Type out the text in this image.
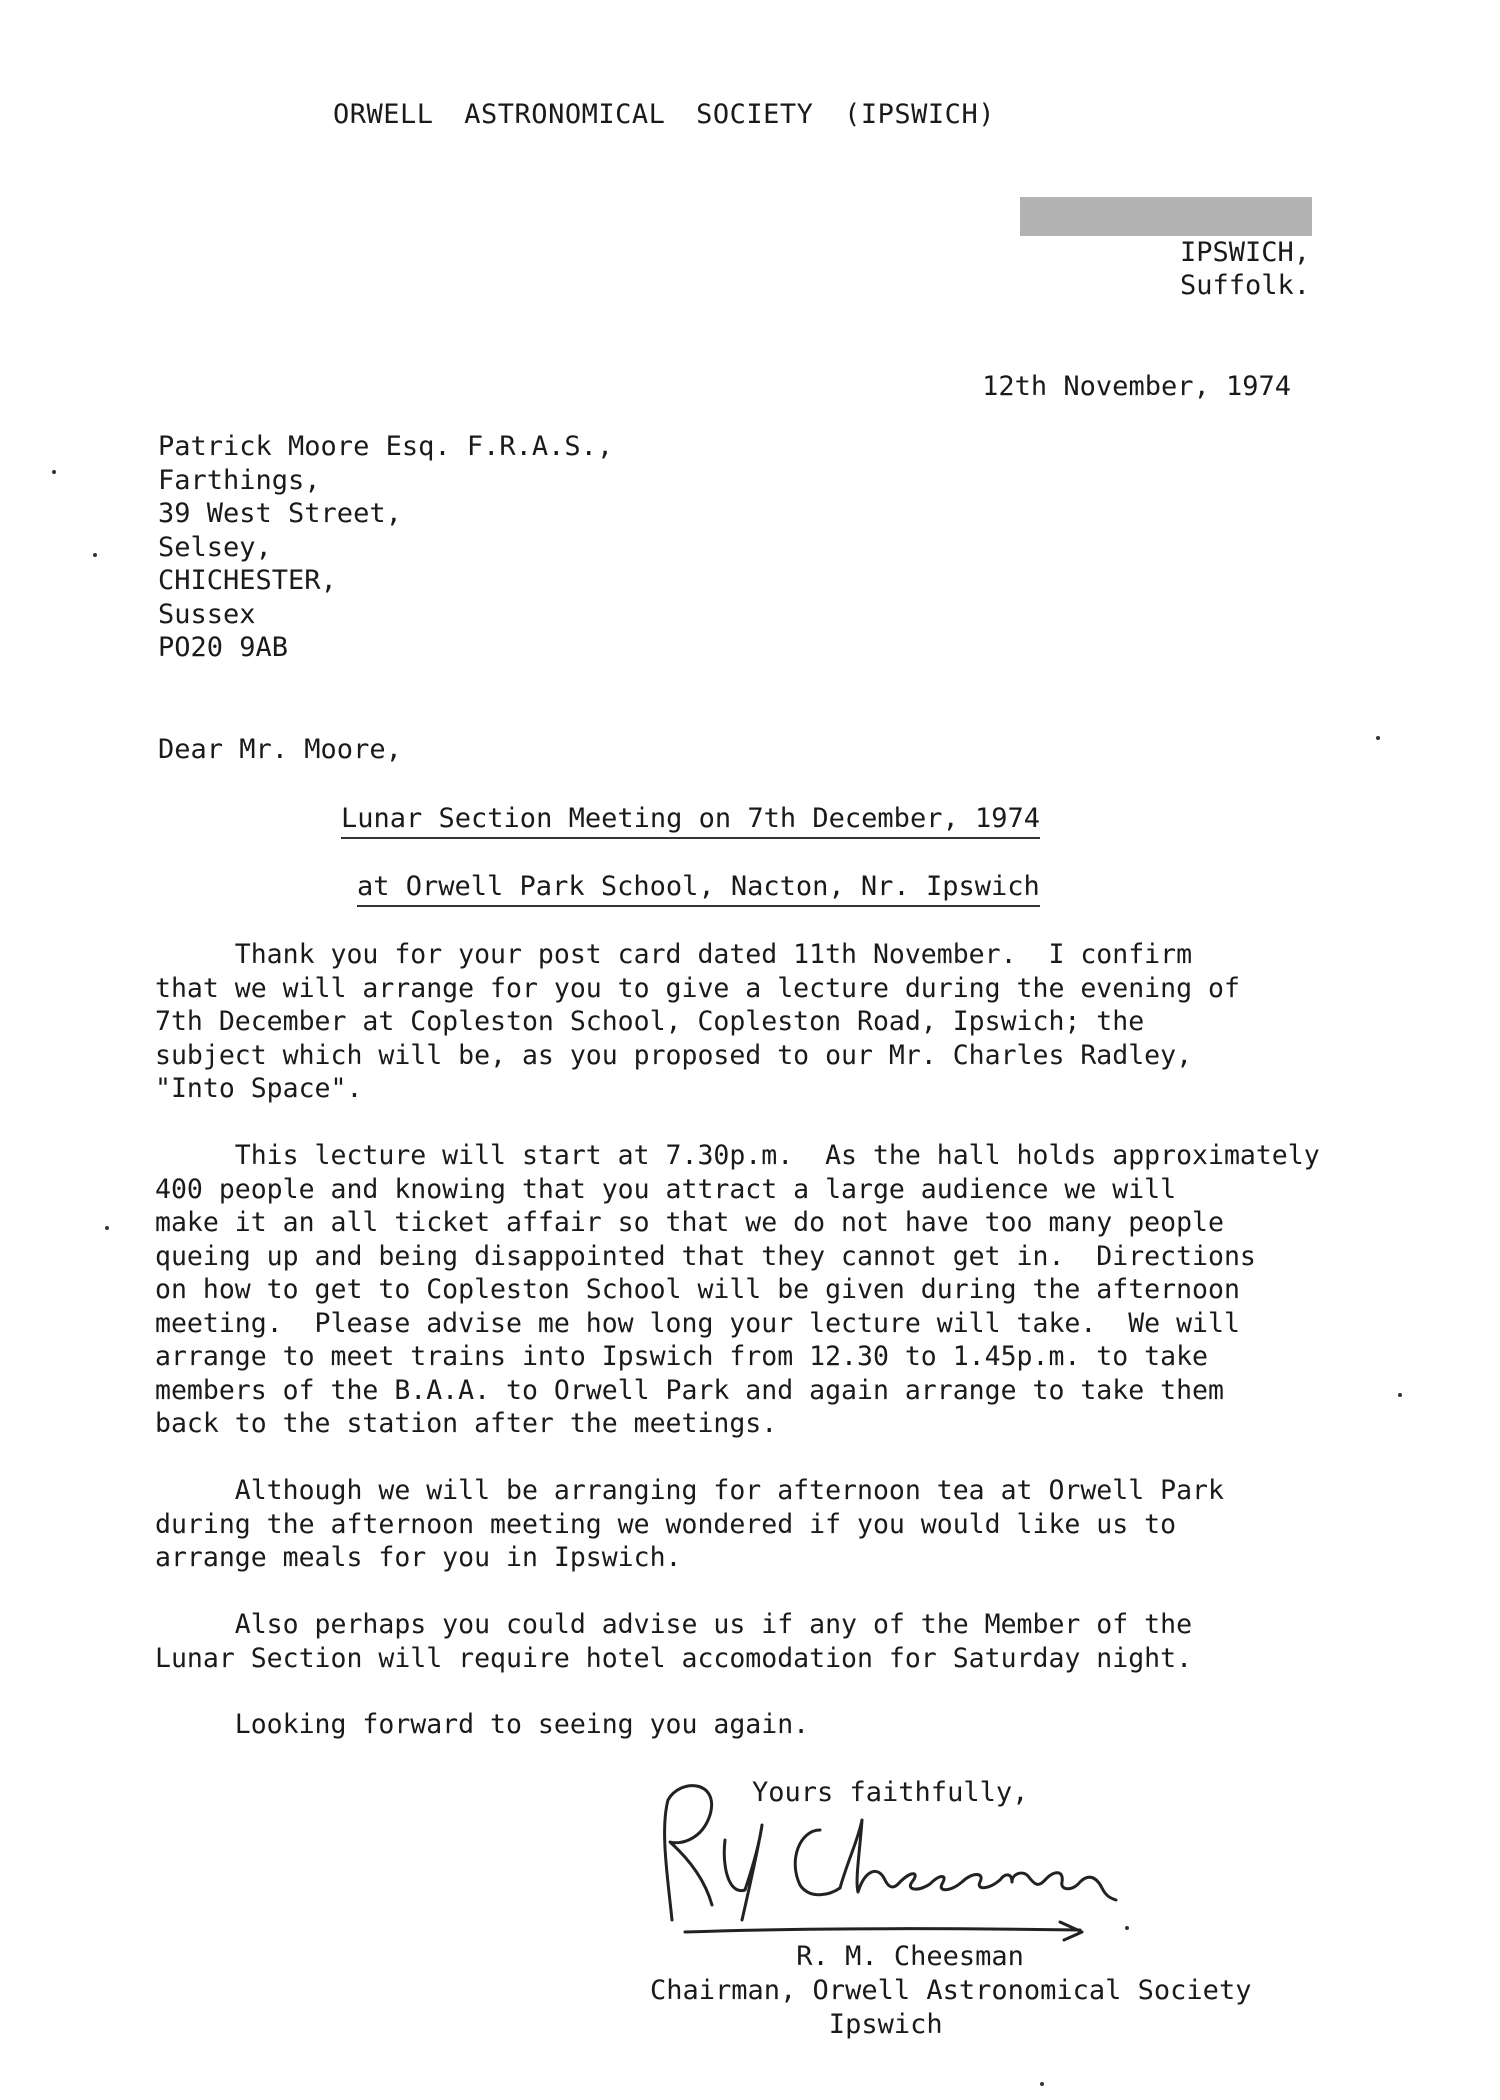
ORWELL ASTRONOMICAL SOCIETY (IPSWICH)
IPSWICH,
Suffolk.
12th November, 1974
Patrick Moore Esq. F.R.A.S.,
Farthings,
39 West Street,
Selsey,
CHICHESTER,
Sussex
PO20 9AB
Dear Mr. Moore,
Lunar Section Meeting on 7th December, 1974
at Orwell Park School, Nacton, Nr. Ipswich
Thank you for your post card dated 11th November.  I confirm
that we will arrange for you to give a lecture during the evening of
7th December at Copleston School, Copleston Road, Ipswich; the
subject which will be, as you proposed to our Mr. Charles Radley,
"Into Space".
This lecture will start at 7.30p.m.  As the hall holds approximately
400 people and knowing that you attract a large audience we will
make it an all ticket affair so that we do not have too many people
queing up and being disappointed that they cannot get in.  Directions
on how to get to Copleston School will be given during the afternoon
meeting.  Please advise me how long your lecture will take.  We will
arrange to meet trains into Ipswich from 12.30 to 1.45p.m. to take
members of the B.A.A. to Orwell Park and again arrange to take them
back to the station after the meetings.
Although we will be arranging for afternoon tea at Orwell Park
during the afternoon meeting we wondered if you would like us to
arrange meals for you in Ipswich.
Also perhaps you could advise us if any of the Member of the
Lunar Section will require hotel accomodation for Saturday night.
Looking forward to seeing you again.
Yours faithfully,
R. M. Cheesman
Chairman, Orwell Astronomical Society
Ipswich
